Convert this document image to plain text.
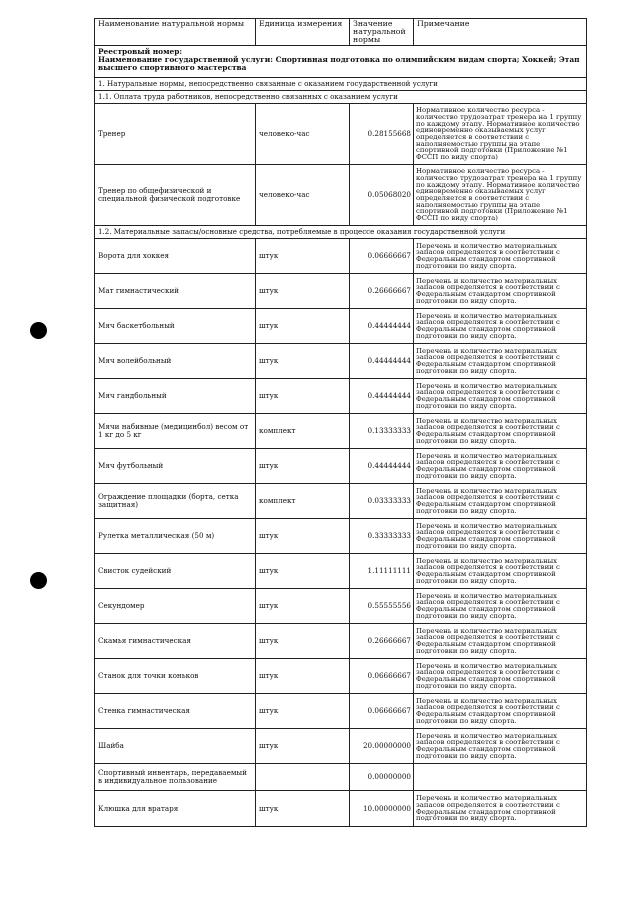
Наименование натуральной нормы	Единица измерения	Значение натуральной нормы	Примечание

Реестровый номер:
Наименование государственной услуги: Спортивная подготовка по олимпийским видам спорта; Хоккей; Этап высшего спортивного мастерства			

1. Натуральные нормы, непосредственно связанные с оказанием государственной услуги			
1.1. Оплата труда работников, непосредственно связанных с оказанием услуги			
Тренер	человеко-час	0.28155668	Нормативное количество ресурса - количество трудозатрат тренера на 1 группу по каждому этапу. Нормативное количество единовременно оказываемых услуг определяется в соответствии с наполняемостью группы на этапе спортивной подготовки (Приложение №1 ФССП по виду спорта)
Тренер по общефизической и специальной физической подготовке	человеко-час	0.05068020	Нормативное количество ресурса - количество трудозатрат тренера на 1 группу по каждому этапу. Нормативное количество единовременно оказываемых услуг определяется в соответствии с наполняемостью группы на этапе спортивной подготовки (Приложение №1 ФССП по виду спорта)
1.2. Материальные запасы/основные средства, потребляемые в процессе оказания государственной услуги			
Ворота для хоккея	штук	0.06666667	Перечень и количество материальных запасов определяется в соответствии с Федеральным стандартом спортивной подготовки по виду спорта.
Мат гимнастический	штук	0.26666667	Перечень и количество материальных запасов определяется в соответствии с Федеральным стандартом спортивной подготовки по виду спорта.
Мяч баскетбольный	штук	0.44444444	Перечень и количество материальных запасов определяется в соответствии с Федеральным стандартом спортивной подготовки по виду спорта.
Мяч волейбольный	штук	0.44444444	Перечень и количество материальных запасов определяется в соответствии с Федеральным стандартом спортивной подготовки по виду спорта.
Мяч гандбольный	штук	0.44444444	Перечень и количество материальных запасов определяется в соответствии с Федеральным стандартом спортивной подготовки по виду спорта.
Мячи набивные (медицинбол) весом от 1 кг до 5 кг	комплект	0.13333333	Перечень и количество материальных запасов определяется в соответствии с Федеральным стандартом спортивной подготовки по виду спорта.
Мяч футбольный	штук	0.44444444	Перечень и количество материальных запасов определяется в соответствии с Федеральным стандартом спортивной подготовки по виду спорта.
Ограждение площадки (борта, сетка защитная)	комплект	0.03333333	Перечень и количество материальных запасов определяется в соответствии с Федеральным стандартом спортивной подготовки по виду спорта.
Рулетка металлическая (50 м)	штук	0.33333333	Перечень и количество материальных запасов определяется в соответствии с Федеральным стандартом спортивной подготовки по виду спорта.
Свисток судейский	штук	1.11111111	Перечень и количество материальных запасов определяется в соответствии с Федеральным стандартом спортивной подготовки по виду спорта.
Секундомер	штук	0.55555556	Перечень и количество материальных запасов определяется в соответствии с Федеральным стандартом спортивной подготовки по виду спорта.
Скамья гимнастическая	штук	0.26666667	Перечень и количество материальных запасов определяется в соответствии с Федеральным стандартом спортивной подготовки по виду спорта.
Станок для точки коньков	штук	0.06666667	Перечень и количество материальных запасов определяется в соответствии с Федеральным стандартом спортивной подготовки по виду спорта.
Стенка гимнастическая	штук	0.06666667	Перечень и количество материальных запасов определяется в соответствии с Федеральным стандартом спортивной подготовки по виду спорта.
Шайба	штук	20.00000000	Перечень и количество материальных запасов определяется в соответствии с Федеральным стандартом спортивной подготовки по виду спорта.
Спортивный инвентарь, передаваемый в индивидуальное пользование		0.00000000	
Клюшка для вратаря	штук	10.00000000	Перечень и количество материальных запасов определяется в соответствии с Федеральным стандартом спортивной подготовки по виду спорта.
